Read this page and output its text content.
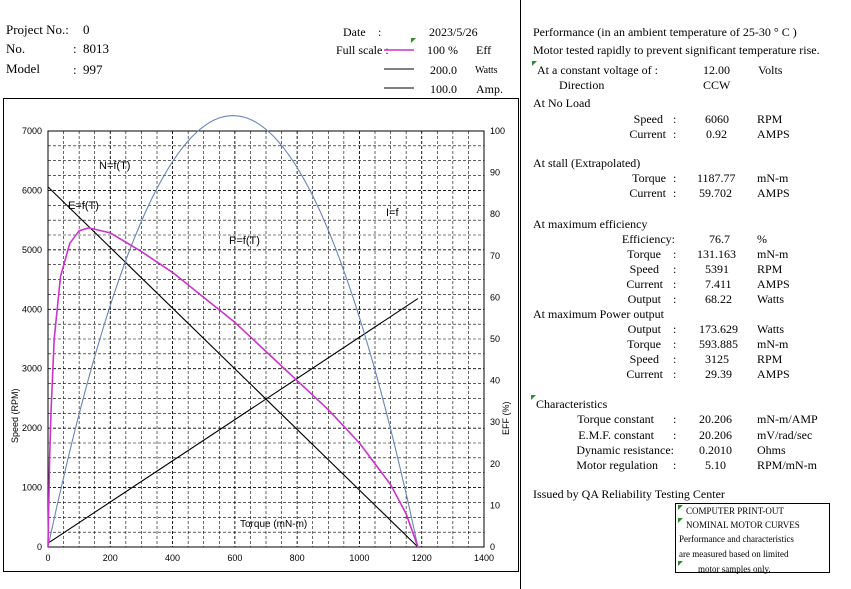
Project No.: 0
No.	: 8013
Model	: 997
Date :	2023/5/26
Full scale :	100 % Eff
200.0 Watts
100.0 Amp.
0	200	400	600	800	1000	1200	1400
0
1000
2000
3000
4000
5000
6000
7000
0
10
20
30
40
50
60
70
80
90
100
Speed (RPM)	EFF (%)
Torque (mN-m)
N=f(T)
E=f(T)
I=f
P=f(T)
Performance (in an ambient temperature of 25-30 ° C )
Motor tested rapidly to prevent significant temperature rise.
At a constant voltage of :	12.00 Volts
Direction	CCW
At No Load
Speed : 6060 RPM
Current : 0.92	AMPS
At stall (Extrapolated)
Torque : 1187.77 mN-m
Current : 59.702 AMPS
At maximum efficiency
Efficiency:	76.7 %
Torque : 131.163 mN-m
Speed : 5391 RPM
Current : 7.411 AMPS
Output : 68.22 Watts
At maximum Power output
Output : 173.629 Watts
Torque : 593.885 mN-m
Speed : 3125 RPM
Current : 29.39 AMPS
Characteristics
Torque constant : 20.206 mN-m/AMP
E.M.F. constant : 20.206 mV/rad/sec
Dynamic resistance: 0.2010 Ohms
Motor regulation : 5.10	RPM/mN-m
Issued by QA Reliability Testing Center
COMPUTER PRINT-OUT
NOMINAL MOTOR CURVES
Performance and characteristics
are measured based on limited
motor samples only.
